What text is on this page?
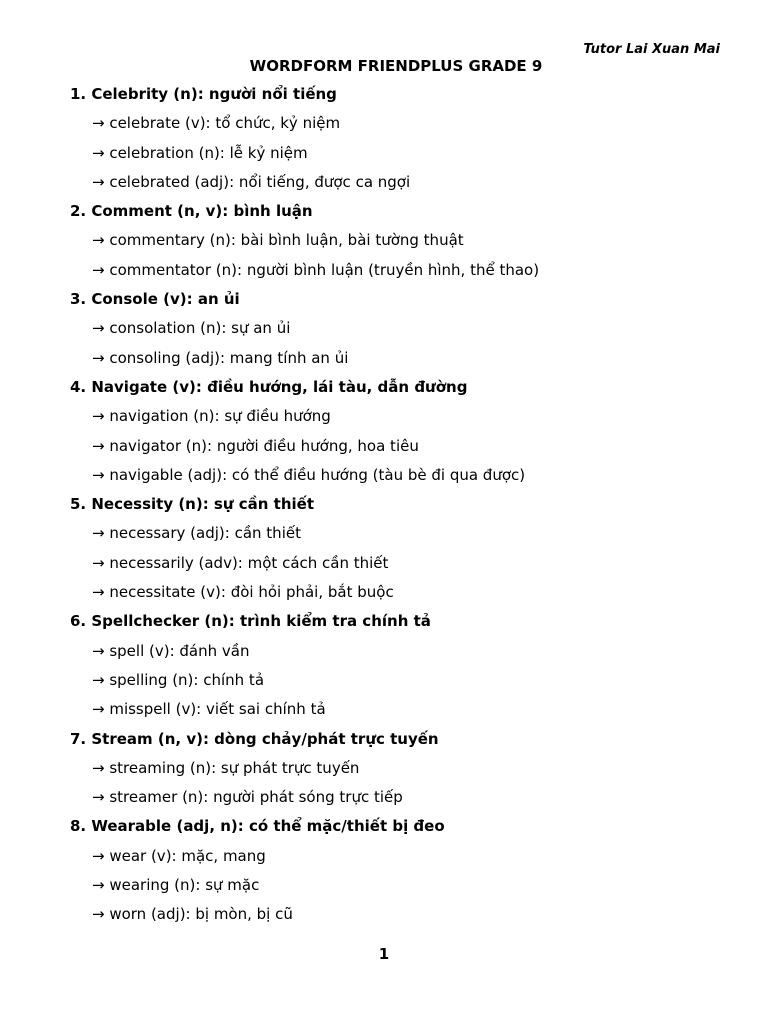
Tutor Lai Xuan Mai
WORDFORM FRIENDPLUS GRADE 9
1. Celebrity (n): người nổi tiếng
→ celebrate (v): tổ chức, kỷ niệm
→ celebration (n): lễ kỷ niệm
→ celebrated (adj): nổi tiếng, được ca ngợi
2. Comment (n, v): bình luận
→ commentary (n): bài bình luận, bài tường thuật
→ commentator (n): người bình luận (truyền hình, thể thao)
3. Console (v): an ủi
→ consolation (n): sự an ủi
→ consoling (adj): mang tính an ủi
4. Navigate (v): điều hướng, lái tàu, dẫn đường
→ navigation (n): sự điều hướng
→ navigator (n): người điều hướng, hoa tiêu
→ navigable (adj): có thể điều hướng (tàu bè đi qua được)
5. Necessity (n): sự cần thiết
→ necessary (adj): cần thiết
→ necessarily (adv): một cách cần thiết
→ necessitate (v): đòi hỏi phải, bắt buộc
6. Spellchecker (n): trình kiểm tra chính tả
→ spell (v): đánh vần
→ spelling (n): chính tả
→ misspell (v): viết sai chính tả
7. Stream (n, v): dòng chảy/phát trực tuyến
→ streaming (n): sự phát trực tuyến
→ streamer (n): người phát sóng trực tiếp
8. Wearable (adj, n): có thể mặc/thiết bị đeo
→ wear (v): mặc, mang
→ wearing (n): sự mặc
→ worn (adj): bị mòn, bị cũ
1
